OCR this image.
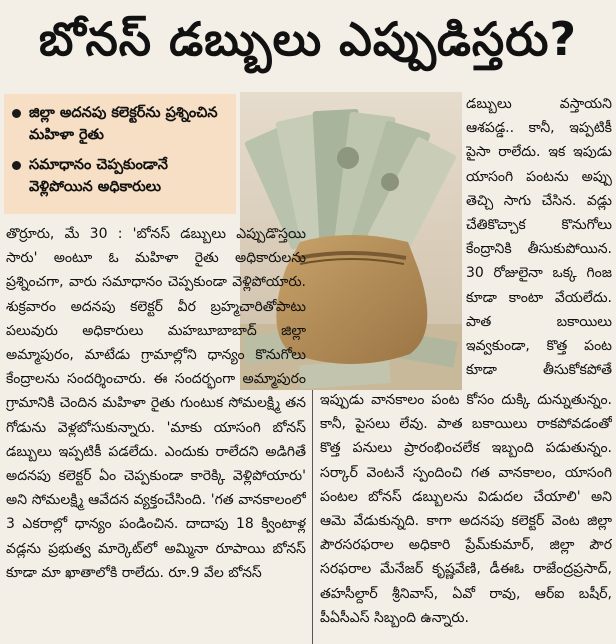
బోనస్ డబ్బులు ఎప్పుడిస్తరు?
జిల్లా అదనపు కలెక్టర్‌ను ప్రశ్నించిన మహిళా రైతు
సమాధానం చెప్పకుండానే వెళ్లిపోయిన అధికారులు
తొర్రూరు, మే 30 : 'బోనస్ డబ్బులు ఎప్పుడొస్తయి సారు' అంటూ ఓ మహిళా రైతు అధికారులను ప్రశ్నించగా, వారు సమాధానం చెప్పకుండా వెళ్లిపోయారు. శుక్రవారం అదనపు కలెక్టర్ వీర బ్రహ్మచారితోపాటు పలువురు అధికారులు మహబూబాబాద్ జిల్లా అమ్మాపురం, మాటేడు గ్రామాల్లోని ధాన్యం కొనుగోలు కేంద్రాలను సందర్శించారు. ఈ సందర్భంగా అమ్మాపురం గ్రామానికి చెందిన మహిళా రైతు గుంటుక సోమలక్ష్మి తన గోడును వెళ్లబోసుకున్నారు. 'మాకు యాసంగి బోనస్ డబ్బులు ఇప్పటికీ పడలేదు. ఎందుకు రాలేదని అడిగితే అదనపు కలెక్టర్ ఏం చెప్పకుండా కారెక్కి వెళ్లిపోయారు' అని సోమలక్ష్మి ఆవేదన వ్యక్తంచేసింది. 'గత వానకాలంలో 3 ఎకరాల్లో ధాన్యం పండించిన. దాదాపు 18 క్వింటాళ్ల వడ్లను ప్రభుత్వ మార్కెట్‌లో అమ్మినా రూపాయి బోనస్ కూడా మా ఖాతాలోకి రాలేదు. రూ.9 వేల బోనస్
డబ్బులు వస్తాయని ఆశపడ్డ.. కానీ, ఇప్పటికీ పైసా రాలేదు. ఇక ఇపుడు యాసంగి పంటను అప్పు తెచ్చి సాగు చేసిన. వడ్లు చేతికొచ్చాక కొనుగోలు కేంద్రానికి తీసుకుపోయిన. 30 రోజులైనా ఒక్క గింజ కూడా కాంటా వేయలేదు. పాత బకాయిలు ఇవ్వకుండా, కొత్త పంట కూడా తీసుకోకపోతే
ఇప్పుడు వానకాలం పంట కోసం దుక్కి దున్నుతున్నం. కానీ, పైసలు లేవు. పాత బకాయిలు రాకపోవడంతో కొత్త పనులు ప్రారంభించలేక ఇబ్బంది పడుతున్నం. సర్కార్ వెంటనే స్పందించి గత వానకాలం, యాసంగి పంటల బోనస్ డబ్బులను విడుదల చేయాలి' అని ఆమె వేడుకున్నది. కాగా అదనపు కలెక్టర్ వెంట జిల్లా పౌరసరఫరాల అధికారి ప్రేమ్‌కుమార్, జిల్లా పౌర సరఫరాల మేనేజర్ కృష్ణవేణి, డీఈఓ రాజేంద్రప్రసాద్, తహసీల్దార్ శ్రీనివాస్, ఏవో రావు, ఆర్‌ఐ బషీర్, పీఏసీఎస్ సిబ్బంది ఉన్నారు.
